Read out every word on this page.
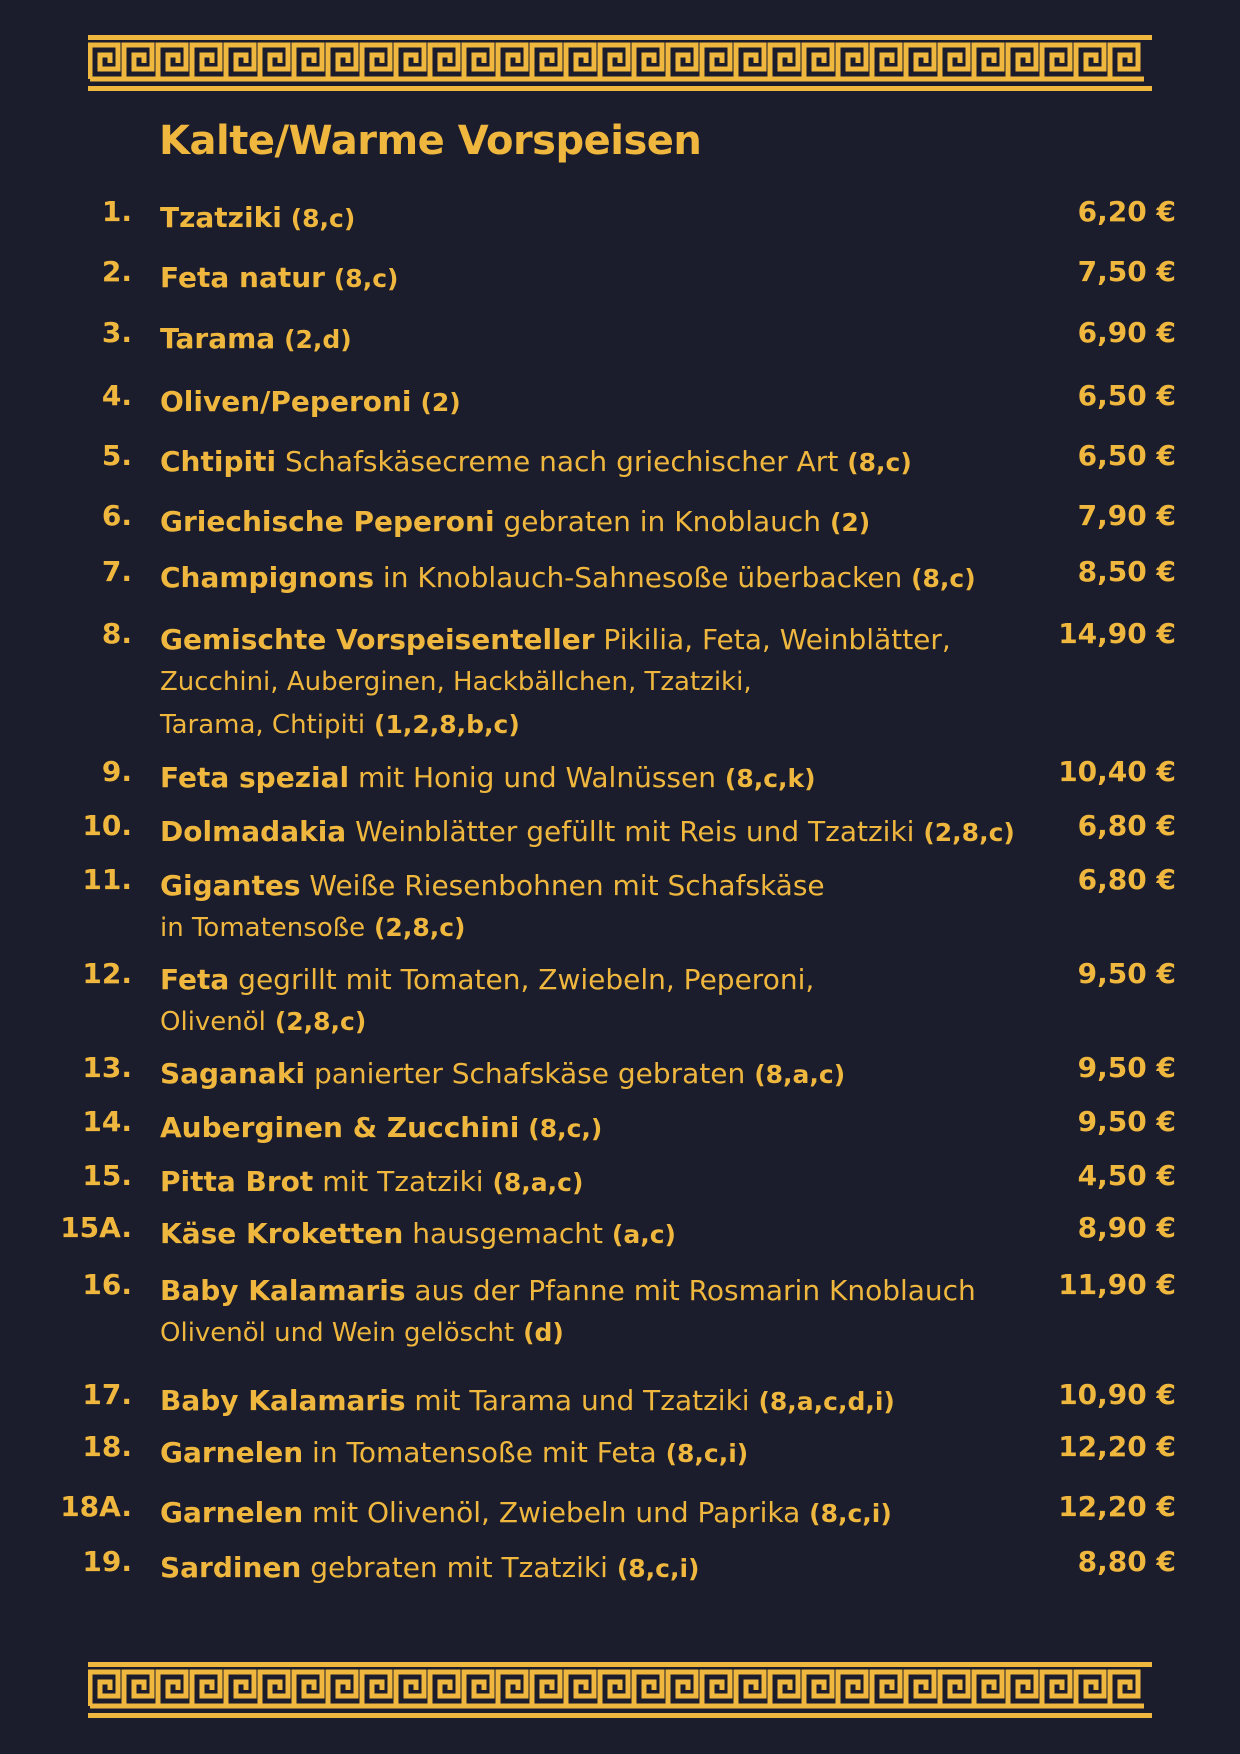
Kalte/Warme Vorspeisen
1. Tzatziki (8,c)	6,20 €
2. Feta natur (8,c)	7,50 €
3. Tarama (2,d)	6,90 €
4. Oliven/Peperoni (2)	6,50 €
5. Chtipiti Schafskäsecreme nach griechischer Art (8,c)	6,50 €
6. Griechische Peperoni gebraten in Knoblauch (2)	7,90 €
7. Champignons in Knoblauch-Sahnesoße überbacken (8,c)	8,50 €
8. Gemischte Vorspeisenteller Pikilia, Feta, Weinblätter,
Zucchini, Auberginen, Hackbällchen, Tzatziki,
Tarama, Chtipiti (1,2,8,b,c)
14,90 €
9. Feta spezial mit Honig und Walnüssen (8,c,k)	10,40 €
10. Dolmadakia Weinblätter gefüllt mit Reis und Tzatziki (2,8,c)	6,80 €
11. Gigantes Weiße Riesenbohnen mit Schafskäse
in Tomatensoße (2,8,c)
6,80 €
12. Feta gegrillt mit Tomaten, Zwiebeln, Peperoni,
Olivenöl (2,8,c)
9,50 €
13. Saganaki panierter Schafskäse gebraten (8,a,c)	9,50 €
14. Auberginen & Zucchini (8,c,)	9,50 €
15. Pitta Brot mit Tzatziki (8,a,c)	4,50 €
15A. Käse Kroketten hausgemacht (a,c)	8,90 €
16. Baby Kalamaris aus der Pfanne mit Rosmarin Knoblauch
Olivenöl und Wein gelöscht (d)
11,90 €
17. Baby Kalamaris mit Tarama und Tzatziki (8,a,c,d,i)	10,90 €
18. Garnelen in Tomatensoße mit Feta (8,c,i)	12,20 €
18A. Garnelen mit Olivenöl, Zwiebeln und Paprika (8,c,i)	12,20 €
19. Sardinen gebraten mit Tzatziki (8,c,i)	8,80 €
